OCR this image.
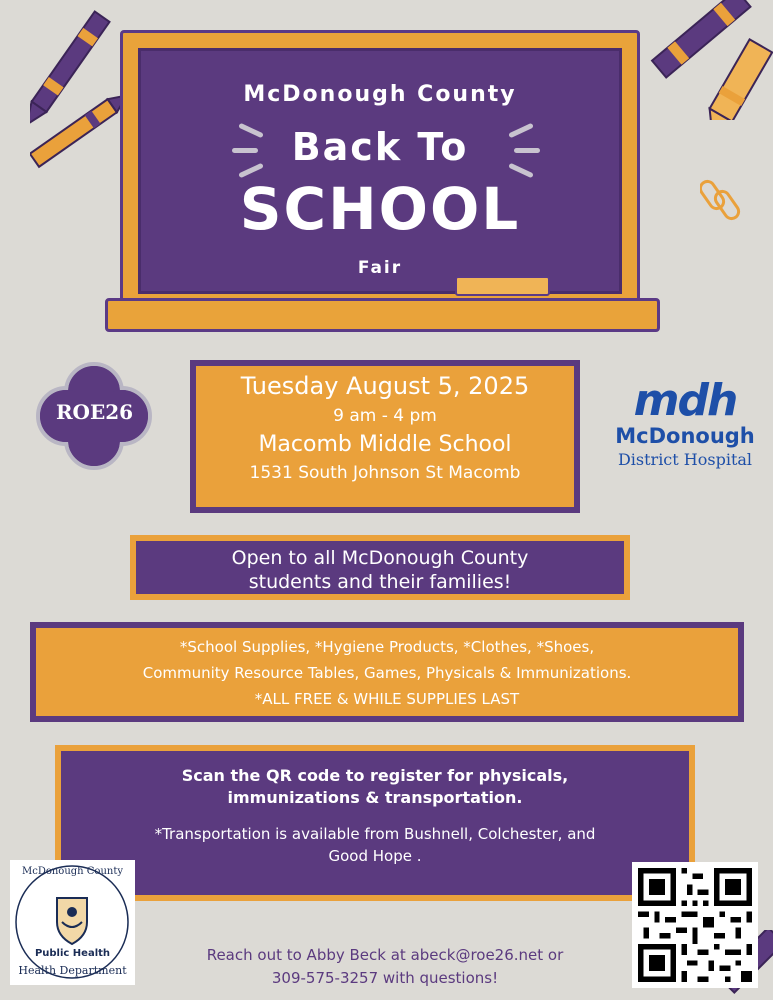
McDonough County
Back To
SCHOOL
Fair
ROE26
Tuesday August 5, 2025
9 am - 4 pm
Macomb Middle School
1531 South Johnson St Macomb
mdh
McDonough
District Hospital
Open to all McDonough County
students and their families!
*School Supplies, *Hygiene Products, *Clothes, *Shoes,
Community Resource Tables, Games, Physicals & Immunizations.
*ALL FREE & WHILE SUPPLIES LAST
Scan the QR code to register for physicals,
immunizations & transportation.
*Transportation is available from Bushnell, Colchester, and
Good Hope .
McDonough County
Public Health
Health Department
Reach out to Abby Beck at abeck@roe26.net or
309-575-3257 with questions!
